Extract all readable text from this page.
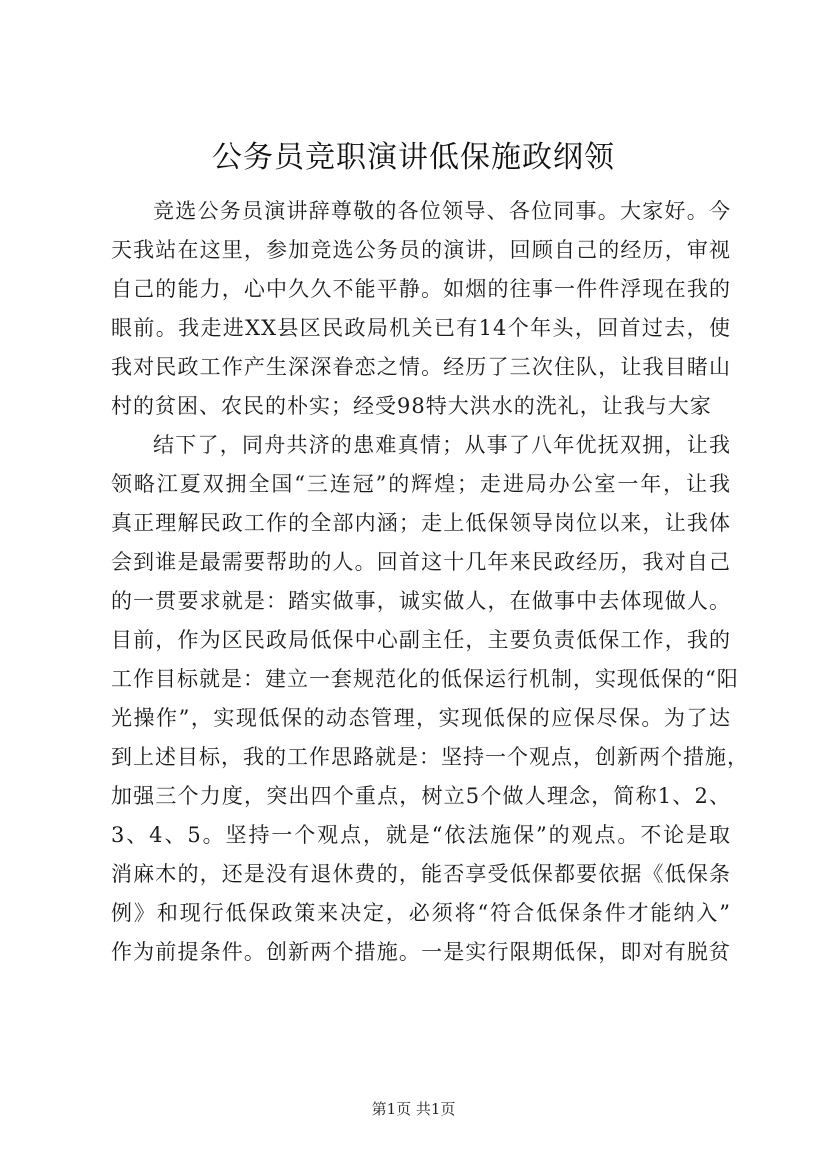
公务员竞职演讲低保施政纲领

竞选公务员演讲辞尊敬的各位领导、各位同事。大家好。今
天我站在这里，参加竞选公务员的演讲，回顾自己的经历，审视
自己的能力，心中久久不能平静。如烟的往事一件件浮现在我的
眼前。我走进XX县区民政局机关已有14个年头，回首过去，使
我对民政工作产生深深眷恋之情。经历了三次住队，让我目睹山
村的贫困、农民的朴实；经受98特大洪水的洗礼，让我与大家

结下了，同舟共济的患难真情；从事了八年优抚双拥，让我
领略江夏双拥全国“三连冠”的辉煌；走进局办公室一年，让我
真正理解民政工作的全部内涵；走上低保领导岗位以来，让我体
会到谁是最需要帮助的人。回首这十几年来民政经历，我对自己
的一贯要求就是：踏实做事，诚实做人，在做事中去体现做人。
目前，作为区民政局低保中心副主任，主要负责低保工作，我的
工作目标就是：建立一套规范化的低保运行机制，实现低保的“阳
光操作”，实现低保的动态管理，实现低保的应保尽保。为了达
到上述目标，我的工作思路就是：坚持一个观点，创新两个措施，
加强三个力度，突出四个重点，树立5个做人理念，简称1、2、
3、4、5。坚持一个观点，就是“依法施保”的观点。不论是取
消麻木的，还是没有退休费的，能否享受低保都要依据《低保条
例》和现行低保政策来决定，必须将“符合低保条件才能纳入”
作为前提条件。创新两个措施。一是实行限期低保，即对有脱贫

第1页 共1页
